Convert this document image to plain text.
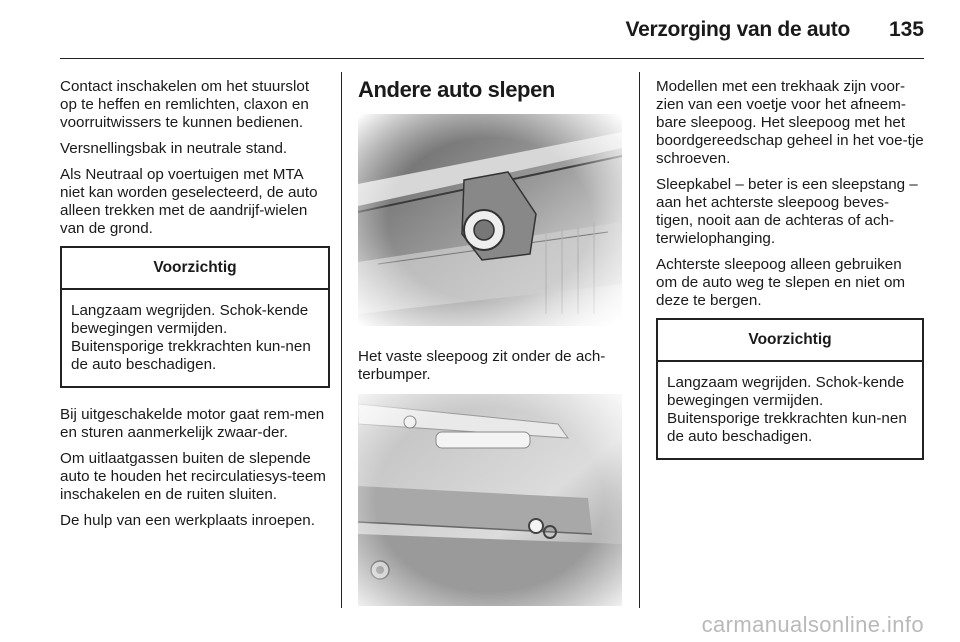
Verzorging van de auto	135

Contact inschakelen om het stuurslot op te heffen en remlichten, claxon en voorruitwissers te kunnen bedienen.

Versnellingsbak in neutrale stand.

Als Neutraal op voertuigen met MTA niet kan worden geselecteerd, de auto alleen trekken met de aandrijf-wielen van de grond.

Voorzichtig
Langzaam wegrijden. Schok-kende bewegingen vermijden. Buitensporige trekkrachten kun-nen de auto beschadigen.

Bij uitgeschakelde motor gaat rem-men en sturen aanmerkelijk zwaar-der.

Om uitlaatgassen buiten de slepende auto te houden het recirculatiesys-teem inschakelen en de ruiten sluiten.

De hulp van een werkplaats inroepen.

Andere auto slepen

Het vaste sleepoog zit onder de ach-terbumper.

Modellen met een trekhaak zijn voor-zien van een voetje voor het afneem-bare sleepoog. Het sleepoog met het boordgereedschap geheel in het voe-tje schroeven.

Sleepkabel – beter is een sleepstang – aan het achterste sleepoog beves-tigen, nooit aan de achteras of ach-terwielophanging.

Achterste sleepoog alleen gebruiken om de auto weg te slepen en niet om deze te bergen.

Voorzichtig
Langzaam wegrijden. Schok-kende bewegingen vermijden. Buitensporige trekkrachten kun-nen de auto beschadigen.
carmanualsonline.info
